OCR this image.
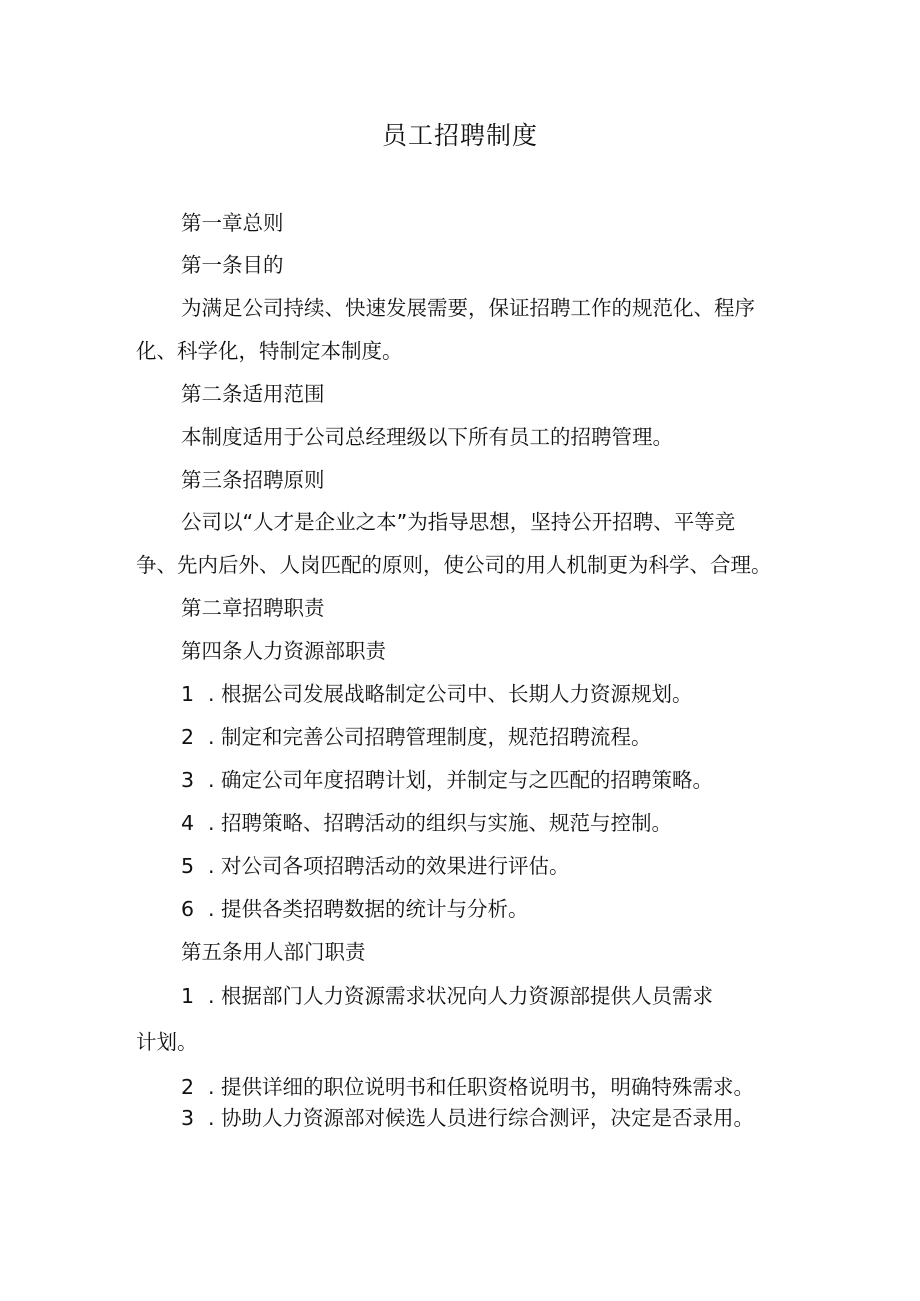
员工招聘制度
第一章总则
第一条目的
为满足公司持续、快速发展需要，保证招聘工作的规范化、程序
化、科学化，特制定本制度。
第二条适用范围
本制度适用于公司总经理级以下所有员工的招聘管理。
第三条招聘原则
公司以“人才是企业之本”为指导思想，坚持公开招聘、平等竞
争、先内后外、人岗匹配的原则，使公司的用人机制更为科学、合理。
第二章招聘职责
第四条人力资源部职责
1 . 根据公司发展战略制定公司中、长期人力资源规划。
2 . 制定和完善公司招聘管理制度，规范招聘流程。
3 . 确定公司年度招聘计划，并制定与之匹配的招聘策略。
4 . 招聘策略、招聘活动的组织与实施、规范与控制。
5 . 对公司各项招聘活动的效果进行评估。
6 . 提供各类招聘数据的统计与分析。
第五条用人部门职责
1 . 根据部门人力资源需求状况向人力资源部提供人员需求
计划。
2 . 提供详细的职位说明书和任职资格说明书，明确特殊需求。
3 . 协助人力资源部对候选人员进行综合测评，决定是否录用。
